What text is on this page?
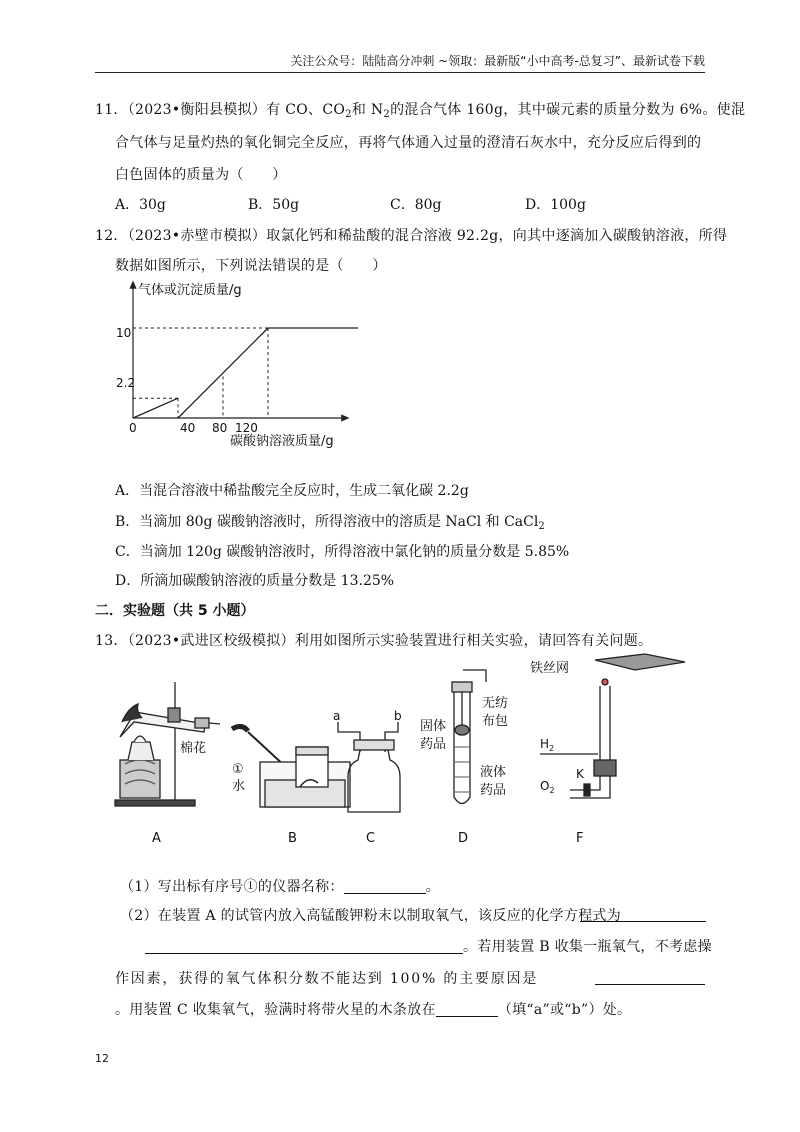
关注公众号：陆陆高分冲刺 ~领取：最新版“小中高考-总复习”、最新试卷下载
11．（2023•衡阳县模拟）有 CO、$CO_2$和 $N_2$的混合气体 160g，其中碳元素的质量分数为 6%。使混
合气体与足量灼热的氧化铜完全反应，再将气体通入过量的澄清石灰水中，充分反应后得到的
白色固体的质量为（　　）
A．30g	B．50g	C．80g	D．100g
12．（2023•赤壁市模拟）取氯化钙和稀盐酸的混合溶液 92.2g，向其中逐滴加入碳酸钠溶液，所得
数据如图所示，下列说法错误的是（　　）
气体或沉淀质量/g
碳酸钠溶液质量/g
0	40 80 120
2.2
10
A．当混合溶液中稀盐酸完全反应时，生成二氧化碳 2.2g
B．当滴加 80g 碳酸钠溶液时，所得溶液中的溶质是 NaCl 和 CaCl$_2$
C．当滴加 120g 碳酸钠溶液时，所得溶液中氯化钠的质量分数是 5.85%
D．所滴加碳酸钠溶液的质量分数是 13.25%
二．实验题（共 5 小题）
13．（2023•武进区校级模拟）利用如图所示实验装置进行相关实验，请回答有关问题。
棉花
①
水
a	b
固体
药品
无纺
布包
液体
药品
铁丝网
$H_2$
$O_2$
K
A	B	C	D	F
（1）写出标有序号①的仪器名称：	。
（2）在装置 A 的试管内放入高锰酸钾粉末以制取氧气，该反应的化学方程式为
。若用装置 B 收集一瓶氧气，不考虑操
作因素，获得的氧气体积分数不能达到 100% 的主要原因是
。用装置 C 收集氧气，验满时将带火星的木条放在	（填“a”或“b”）处。
12
